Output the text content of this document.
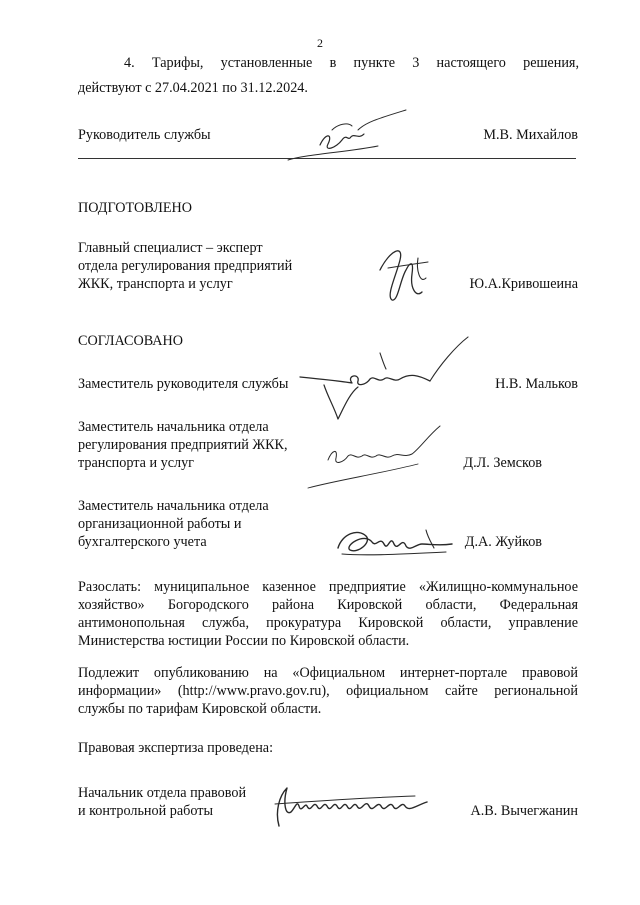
2
4. Тарифы, установленные в пункте 3 настоящего решения,
действуют с 27.04.2021 по 31.12.2024.
Руководитель службы	М.В. Михайлов
ПОДГОТОВЛЕНО
Главный специалист – эксперт
отдела регулирования предприятий
ЖКК, транспорта и услуг	Ю.А.Кривошеина
СОГЛАСОВАНО
Заместитель руководителя службы	Н.В. Мальков
Заместитель начальника отдела
регулирования предприятий ЖКК,
транспорта и услуг	Д.Л. Земсков
Заместитель начальника отдела
организационной работы и
бухгалтерского учета	Д.А. Жуйков
Разослать: муниципальное казенное предприятие «Жилищно-коммунальное
хозяйство» Богородского района Кировской области, Федеральная
антимонопольная служба, прокуратура Кировской области, управление
Министерства юстиции России по Кировской области.
Подлежит опубликованию на «Официальном интернет-портале правовой
информации» (http://www.pravo.gov.ru), официальном сайте региональной
службы по тарифам Кировской области.
Правовая экспертиза проведена:
Начальник отдела правовой
и контрольной работы	А.В. Вычегжанин
